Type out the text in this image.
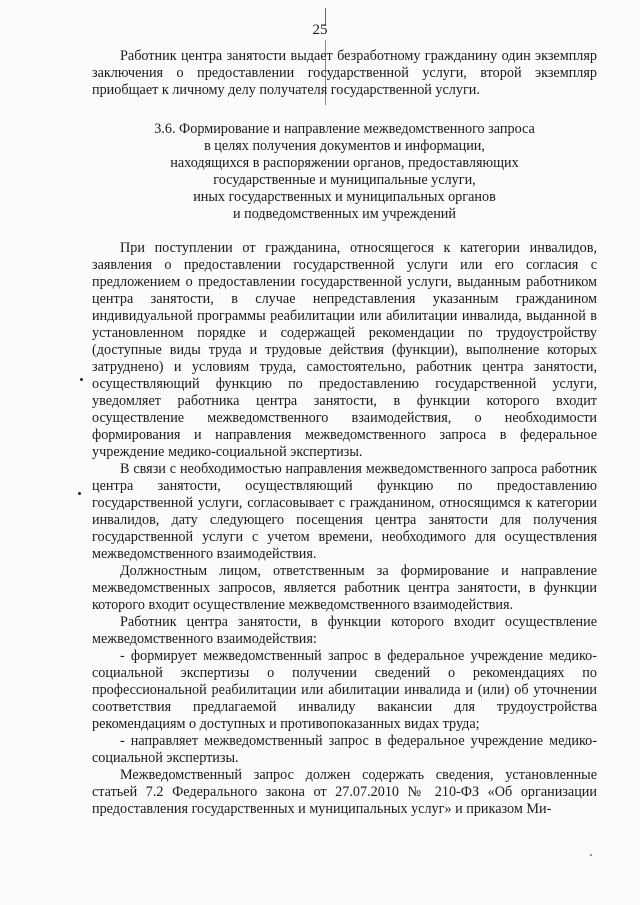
25

Работник центра занятости выдает безработному гражданину один экземпляр заключения о предоставлении государственной услуги, второй экземпляр приобщает к личному делу получателя государственной услуги.

3.6. Формирование и направление межведомственного запроса
в целях получения документов и информации,
находящихся в распоряжении органов, предоставляющих
государственные и муниципальные услуги,
иных государственных и муниципальных органов
и подведомственных им учреждений

При поступлении от гражданина, относящегося к категории инвалидов, заявления о предоставлении государственной услуги или его согласия с предложением о предоставлении государственной услуги, выданным работником центра занятости, в случае непредставления указанным гражданином индивидуальной программы реабилитации или абилитации инвалида, выданной в установленном порядке и содержащей рекомендации по трудоустройству (доступные виды труда и трудовые действия (функции), выполнение которых затруднено) и условиям труда, самостоятельно, работник центра занятости, осуществляющий функцию по предоставлению государственной услуги, уведомляет работника центра занятости, в функции которого входит осуществление межведомственного взаимодействия, о необходимости формирования и направления межведомственного запроса в федеральное учреждение медико-социальной экспертизы.

В связи с необходимостью направления межведомственного запроса работник центра занятости, осуществляющий функцию по предоставлению государственной услуги, согласовывает с гражданином, относящимся к категории инвалидов, дату следующего посещения центра занятости для получения государственной услуги с учетом времени, необходимого для осуществления межведомственного взаимодействия.

Должностным лицом, ответственным за формирование и направление межведомственных запросов, является работник центра занятости, в функции которого входит осуществление межведомственного взаимодействия.

Работник центра занятости, в функции которого входит осуществление межведомственного взаимодействия:

- формирует межведомственный запрос в федеральное учреждение медико-социальной экспертизы о получении сведений о рекомендациях по профессиональной реабилитации или абилитации инвалида и (или) об уточнении соответствия предлагаемой инвалиду вакансии для трудоустройства рекомендациям о доступных и противопоказанных видах труда;

- направляет межведомственный запрос в федеральное учреждение медико-социальной экспертизы.

Межведомственный запрос должен содержать сведения, установленные статьей 7.2 Федерального закона от 27.07.2010 № 210-ФЗ «Об организации предоставления государственных и муниципальных услуг» и приказом Ми-
